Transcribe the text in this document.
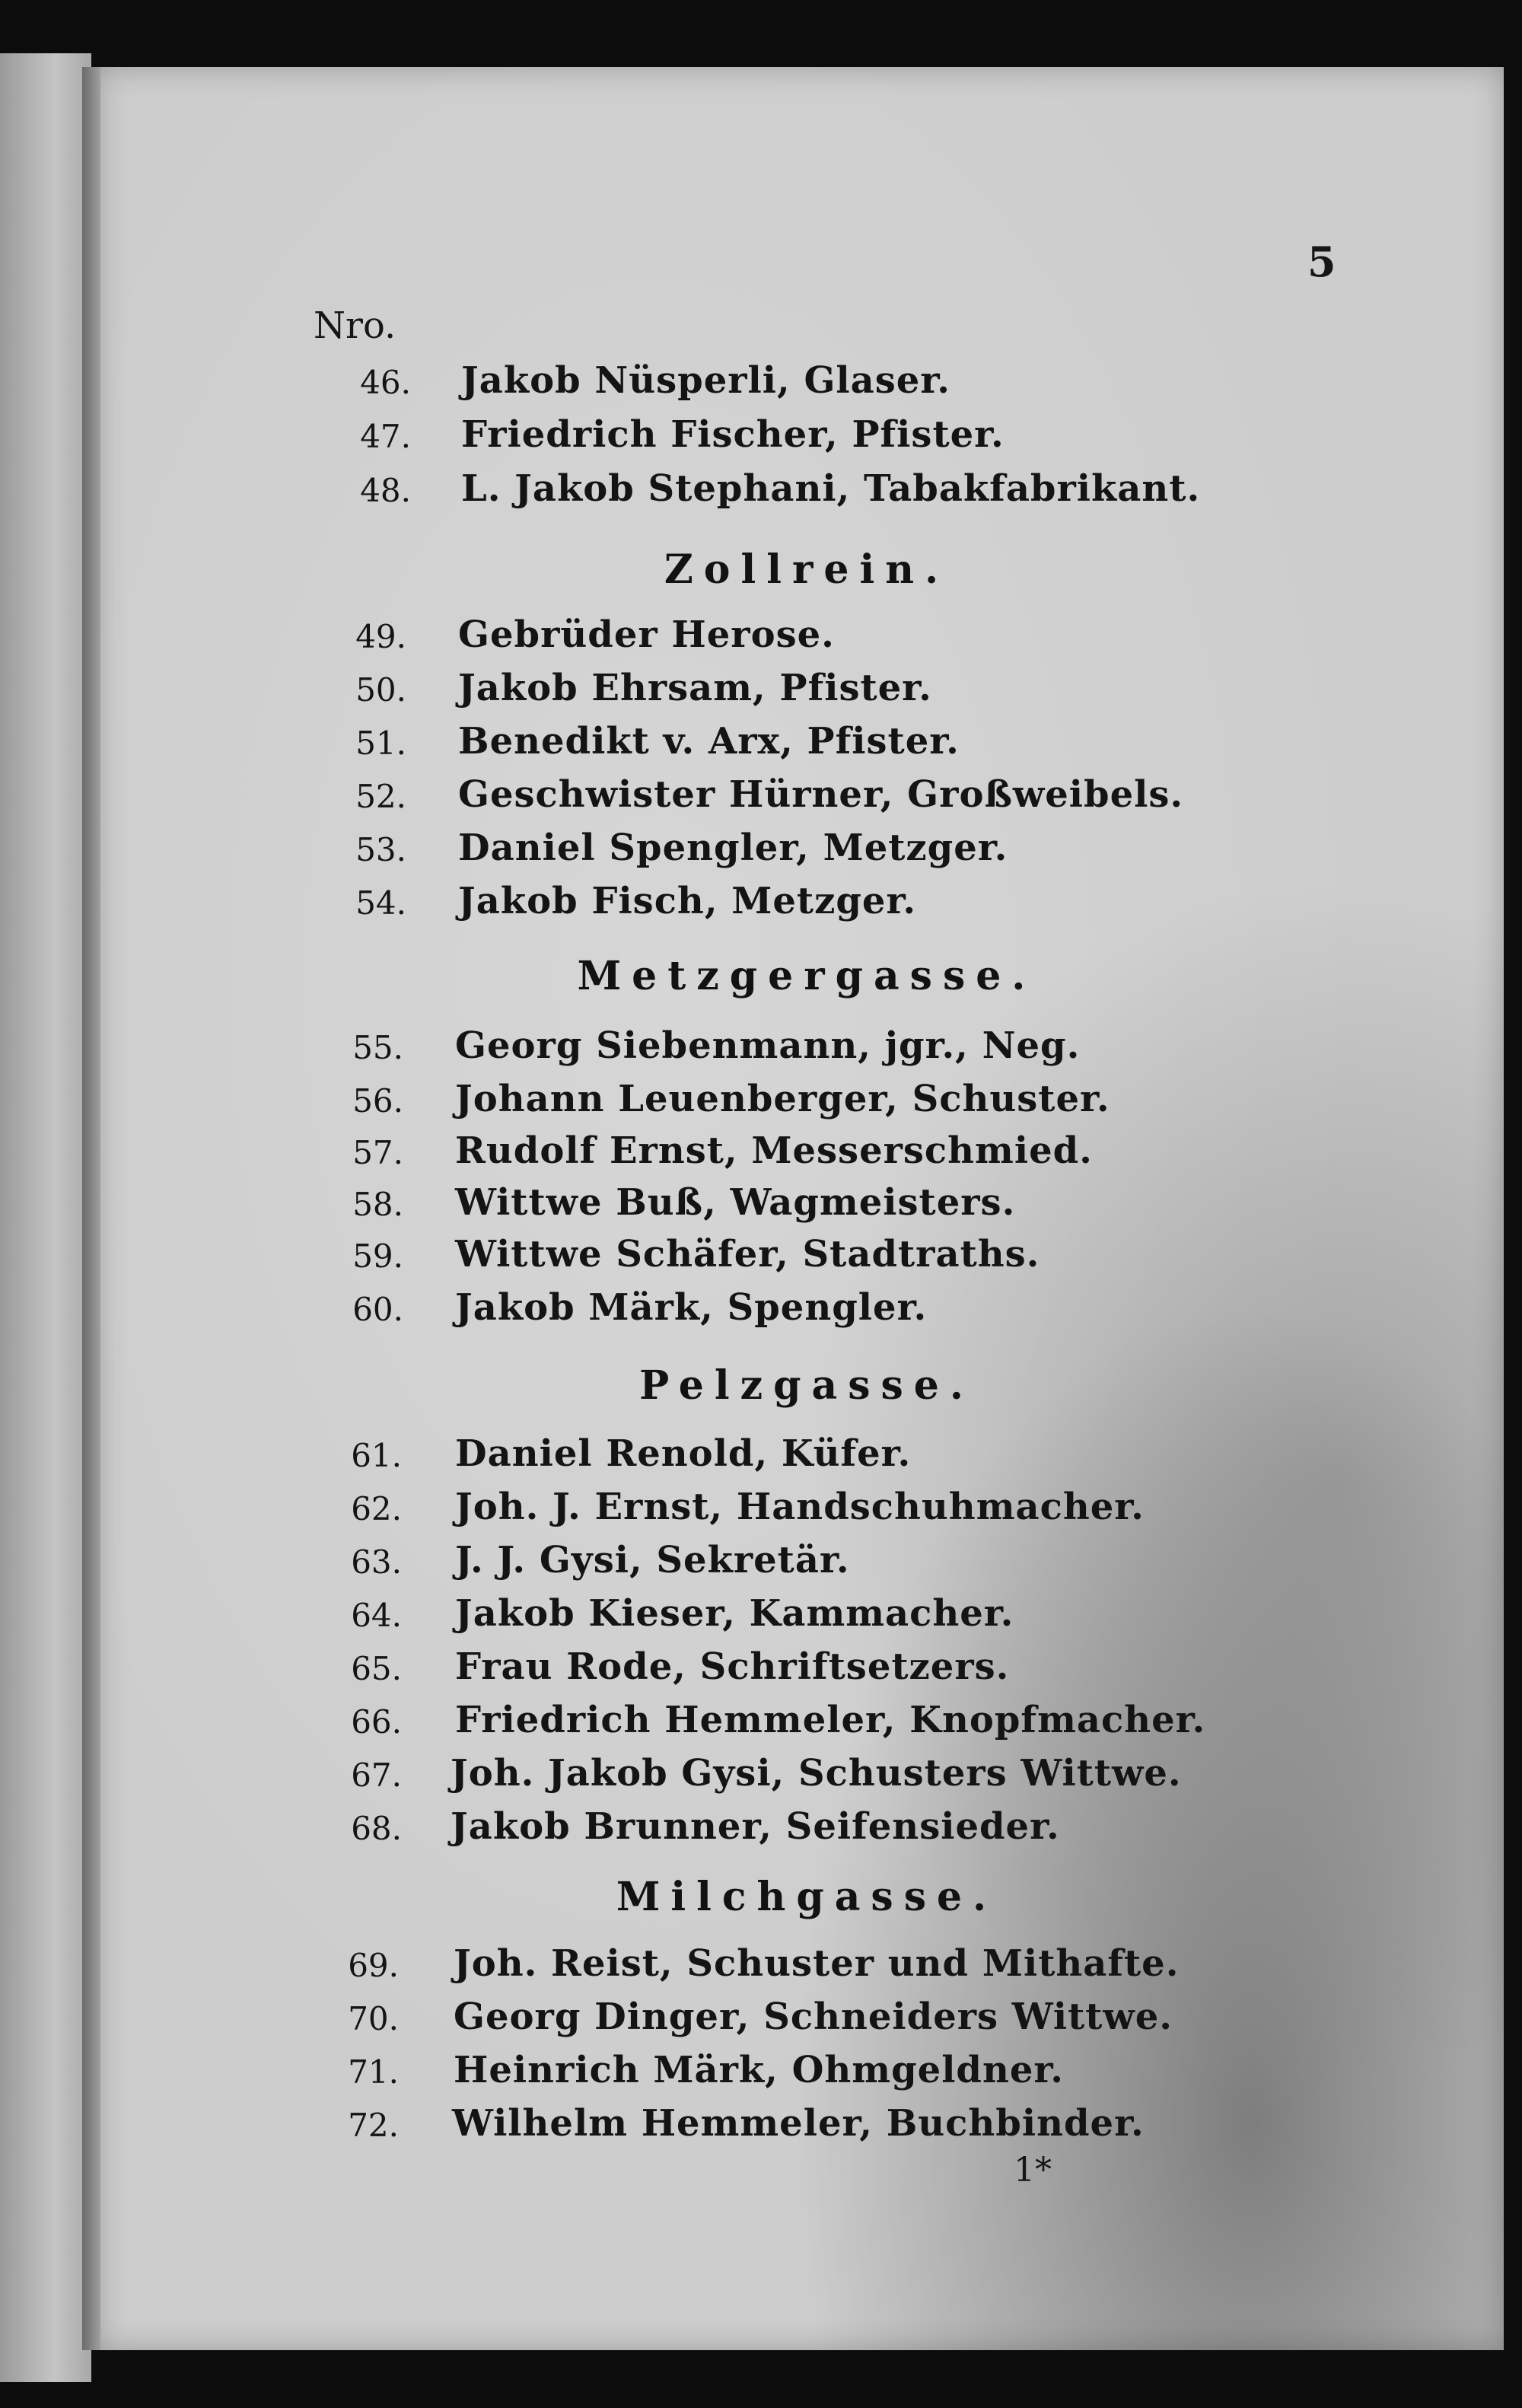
5
Nro.
46. Jakob Nüsperli, Glaser.
47. Friedrich Fischer, Pfister.
48. L. Jakob Stephani, Tabakfabrikant.
Zollrein.
49. Gebrüder Herose.
50. Jakob Ehrsam, Pfister.
51. Benedikt v. Arx, Pfister.
52. Geschwister Hürner, Großweibels.
53. Daniel Spengler, Metzger.
54. Jakob Fisch, Metzger.
Metzgergasse.
55. Georg Siebenmann, jgr., Neg.
56. Johann Leuenberger, Schuster.
57. Rudolf Ernst, Messerschmied.
58. Wittwe Buß, Wagmeisters.
59. Wittwe Schäfer, Stadtraths.
60. Jakob Märk, Spengler.
Pelzgasse.
61. Daniel Renold, Küfer.
62. Joh. J. Ernst, Handschuhmacher.
63. J. J. Gysi, Sekretär.
64. Jakob Kieser, Kammacher.
65. Frau Rode, Schriftsetzers.
66. Friedrich Hemmeler, Knopfmacher.
67. Joh. Jakob Gysi, Schusters Wittwe.
68. Jakob Brunner, Seifensieder.
Milchgasse.
69. Joh. Reist, Schuster und Mithafte.
70. Georg Dinger, Schneiders Wittwe.
71. Heinrich Märk, Ohmgeldner.
72. Wilhelm Hemmeler, Buchbinder.
1*
